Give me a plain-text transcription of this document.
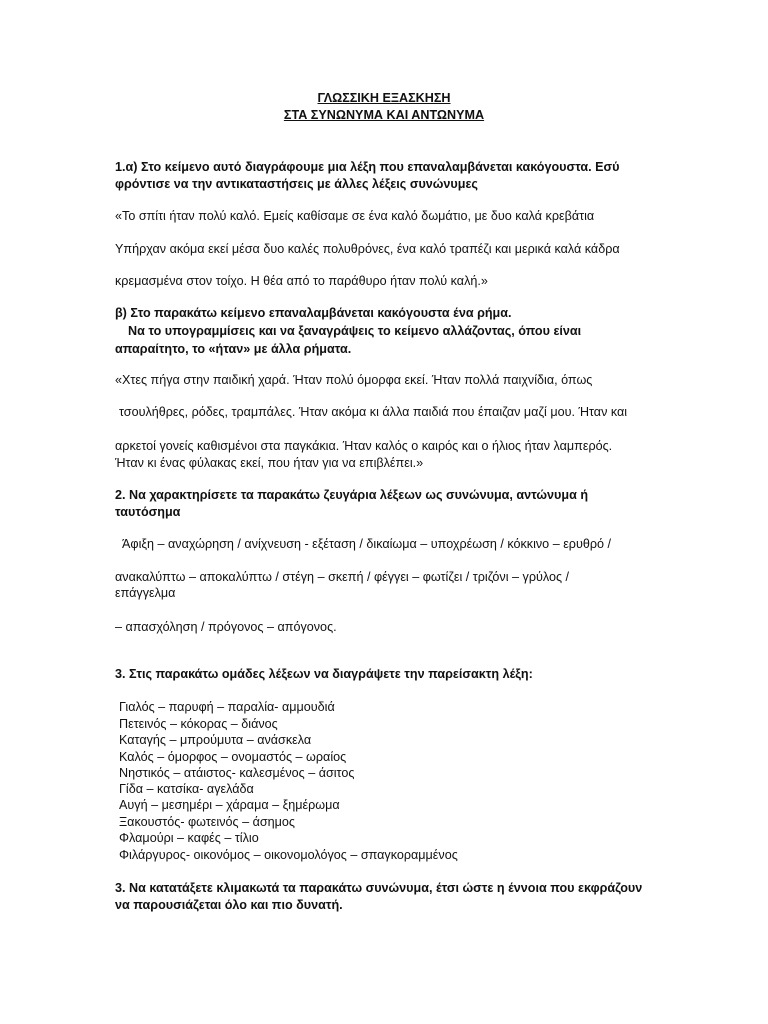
ΓΛΩΣΣΙΚΗ ΕΞΑΣΚΗΣΗ
ΣΤΑ ΣΥΝΩΝΥΜΑ ΚΑΙ ΑΝΤΩΝΥΜΑ
1.α) Στο κείμενο αυτό διαγράφουμε μια λέξη που επαναλαμβάνεται κακόγουστα. Εσύ
φρόντισε να την αντικαταστήσεις με άλλες λέξεις συνώνυμες
«Το σπίτι ήταν πολύ καλό. Εμείς καθίσαμε σε ένα καλό δωμάτιο, με δυο καλά κρεβάτια
Υπήρχαν ακόμα εκεί μέσα δυο καλές πολυθρόνες, ένα καλό τραπέζι και μερικά καλά κάδρα
κρεμασμένα στον τοίχο. Η θέα από το παράθυρο ήταν πολύ καλή.»
β) Στο παρακάτω κείμενο επαναλαμβάνεται κακόγουστα ένα ρήμα.
Να το υπογραμμίσεις και να ξαναγράψεις το κείμενο αλλάζοντας, όπου είναι
απαραίτητο, το «ήταν» με άλλα ρήματα.
«Χτες πήγα στην παιδική χαρά. Ήταν πολύ όμορφα εκεί. Ήταν πολλά παιχνίδια, όπως
τσουλήθρες, ρόδες, τραμπάλες. Ήταν ακόμα κι άλλα παιδιά που έπαιζαν μαζί μου. Ήταν και
αρκετοί γονείς καθισμένοι στα παγκάκια. Ήταν καλός ο καιρός και ο ήλιος ήταν λαμπερός.
Ήταν κι ένας φύλακας εκεί, που ήταν για να επιβλέπει.»
2. Να χαρακτηρίσετε τα παρακάτω ζευγάρια λέξεων ως συνώνυμα, αντώνυμα ή
ταυτόσημα
Άφιξη – αναχώρηση / ανίχνευση - εξέταση / δικαίωμα – υποχρέωση / κόκκινο – ερυθρό /
ανακαλύπτω – αποκαλύπτω / στέγη – σκεπή / φέγγει – φωτίζει / τριζόνι – γρύλος /
επάγγελμα
– απασχόληση / πρόγονος – απόγονος.
3. Στις παρακάτω ομάδες λέξεων να διαγράψετε την παρείσακτη λέξη:
Γιαλός – παρυφή – παραλία- αμμουδιά
Πετεινός – κόκορας – διάνος
Καταγής – μπρούμυτα – ανάσκελα
Καλός – όμορφος – ονομαστός – ωραίος
Νηστικός – ατάιστος- καλεσμένος – άσιτος
Γίδα – κατσίκα- αγελάδα
Αυγή – μεσημέρι – χάραμα – ξημέρωμα
Ξακουστός- φωτεινός – άσημος
Φλαμούρι – καφές – τίλιο
Φιλάργυρος- οικονόμος – οικονομολόγος – σπαγκοραμμένος
3. Να κατατάξετε κλιμακωτά τα παρακάτω συνώνυμα, έτσι ώστε η έννοια που εκφράζουν
να παρουσιάζεται όλο και πιο δυνατή.
